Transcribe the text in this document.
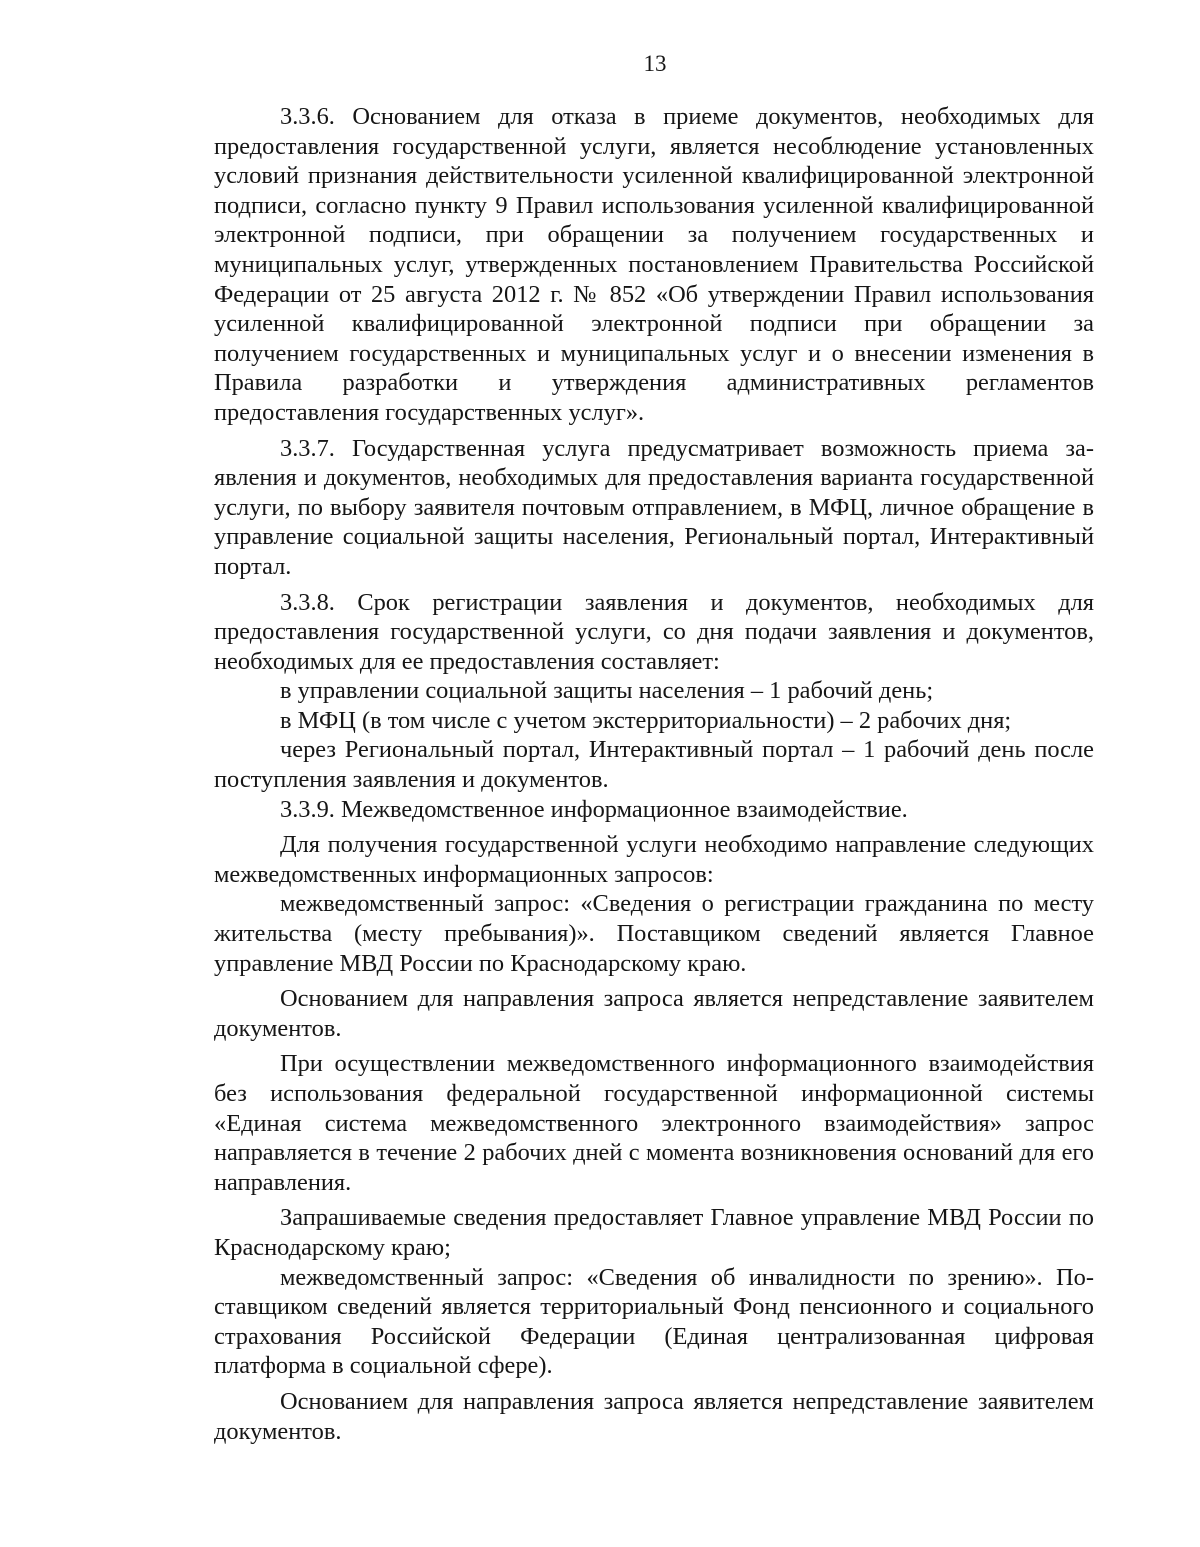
13

3.3.6. Основанием для отказа в приеме документов, необходимых для предоставления государственной услуги, является несоблюдение установленных условий признания действительности усиленной квалифицированной электронной подписи, согласно пункту 9 Правил использования усиленной квалифицированной электронной подписи, при обращении за получением государственных и муниципальных услуг, утвержденных постановлением Правительства Российской Федерации от 25 августа 2012 г. № 852 «Об утверждении Правил использования усиленной квалифицированной электронной подписи при обращении за получением государственных и муниципальных услуг и о внесении изменения в Правила разработки и утверждения административных регламентов предоставления государственных услуг».

3.3.7. Государственная услуга предусматривает возможность приема заявления и документов, необходимых для предоставления варианта государственной услуги, по выбору заявителя почтовым отправлением, в МФЦ, личное обращение в управление социальной защиты населения, Региональный портал, Интерактивный портал.

3.3.8. Срок регистрации заявления и документов, необходимых для предоставления государственной услуги, со дня подачи заявления и документов, необходимых для ее предоставления составляет:

в управлении социальной защиты населения – 1 рабочий день;

в МФЦ (в том числе с учетом экстерриториальности) – 2 рабочих дня;

через Региональный портал, Интерактивный портал – 1 рабочий день после поступления заявления и документов.

3.3.9. Межведомственное информационное взаимодействие.

Для получения государственной услуги необходимо направление следующих межведомственных информационных запросов:

межведомственный запрос: «Сведения о регистрации гражданина по месту жительства (месту пребывания)». Поставщиком сведений является Главное управление МВД России по Краснодарскому краю.

Основанием для направления запроса является непредставление заявителем документов.

При осуществлении межведомственного информационного взаимодействия без использования федеральной государственной информационной системы «Единая система межведомственного электронного взаимодействия» запрос направляется в течение 2 рабочих дней с момента возникновения оснований для его направления.

Запрашиваемые сведения предоставляет Главное управление МВД России по Краснодарскому краю;

межведомственный запрос: «Сведения об инвалидности по зрению». Поставщиком сведений является территориальный Фонд пенсионного и социального страхования Российской Федерации (Единая централизованная цифровая платформа в социальной сфере).

Основанием для направления запроса является непредставление заявителем документов.
